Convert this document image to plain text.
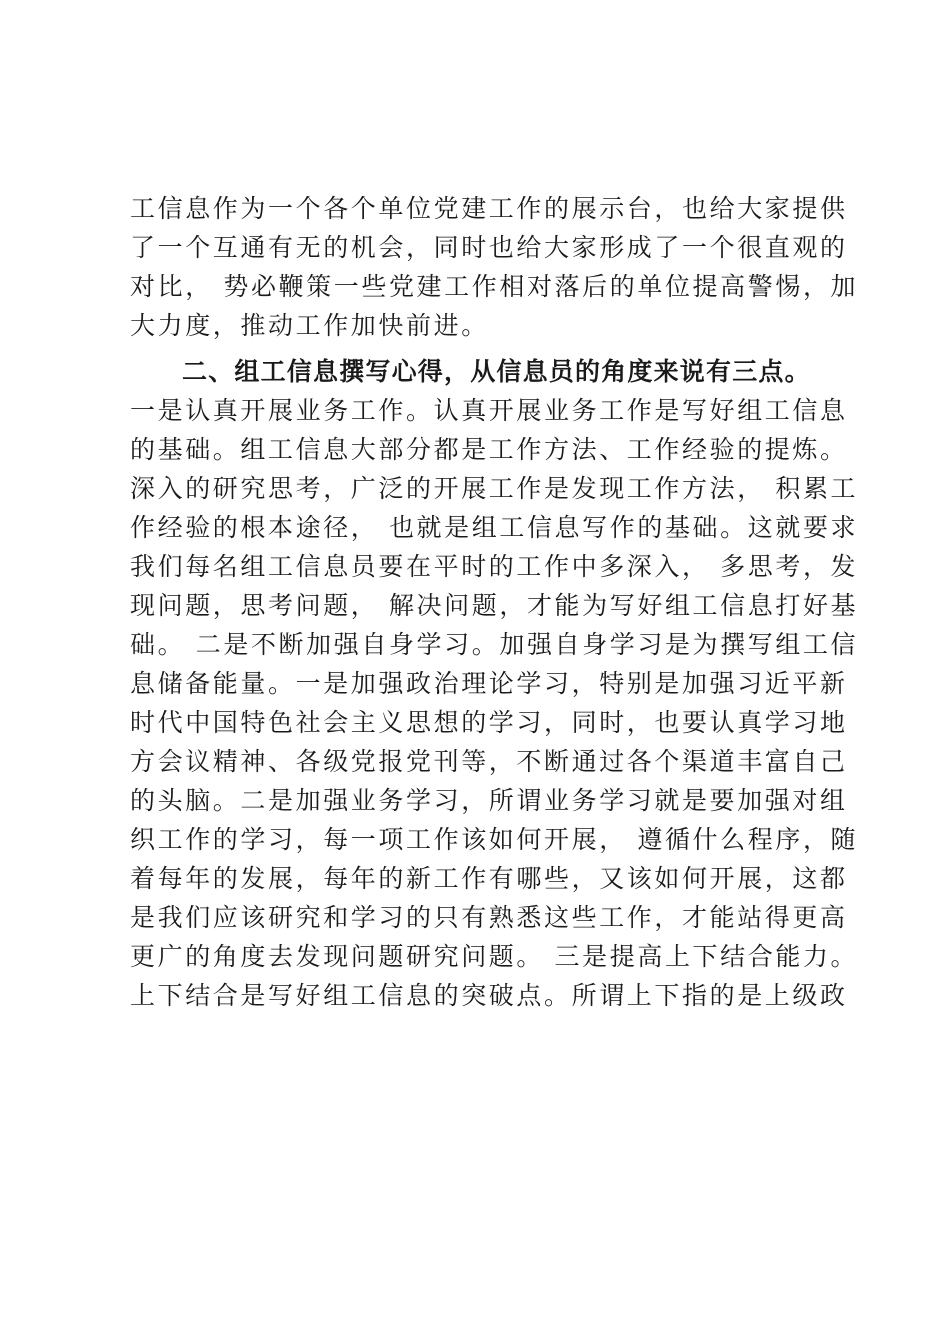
工信息作为一个各个单位党建工作的展示台，也给大家提供
了一个互通有无的机会，同时也给大家形成了一个很直观的
对比， 势必鞭策一些党建工作相对落后的单位提高警惕，加
大力度，推动工作加快前进。
二、组工信息撰写心得，从信息员的角度来说有三点。
一是认真开展业务工作。认真开展业务工作是写好组工信息
的基础。组工信息大部分都是工作方法、工作经验的提炼。
深入的研究思考，广泛的开展工作是发现工作方法， 积累工
作经验的根本途径， 也就是组工信息写作的基础。这就要求
我们每名组工信息员要在平时的工作中多深入， 多思考，发
现问题，思考问题， 解决问题，才能为写好组工信息打好基
础。 二是不断加强自身学习。加强自身学习是为撰写组工信
息储备能量。一是加强政治理论学习，特别是加强习近平新
时代中国特色社会主义思想的学习，同时，也要认真学习地
方会议精神、各级党报党刊等，不断通过各个渠道丰富自己
的头脑。二是加强业务学习，所谓业务学习就是要加强对组
织工作的学习，每一项工作该如何开展， 遵循什么程序，随
着每年的发展，每年的新工作有哪些，又该如何开展，这都
是我们应该研究和学习的只有熟悉这些工作，才能站得更高
更广的角度去发现问题研究问题。 三是提高上下结合能力。
上下结合是写好组工信息的突破点。所谓上下指的是上级政
